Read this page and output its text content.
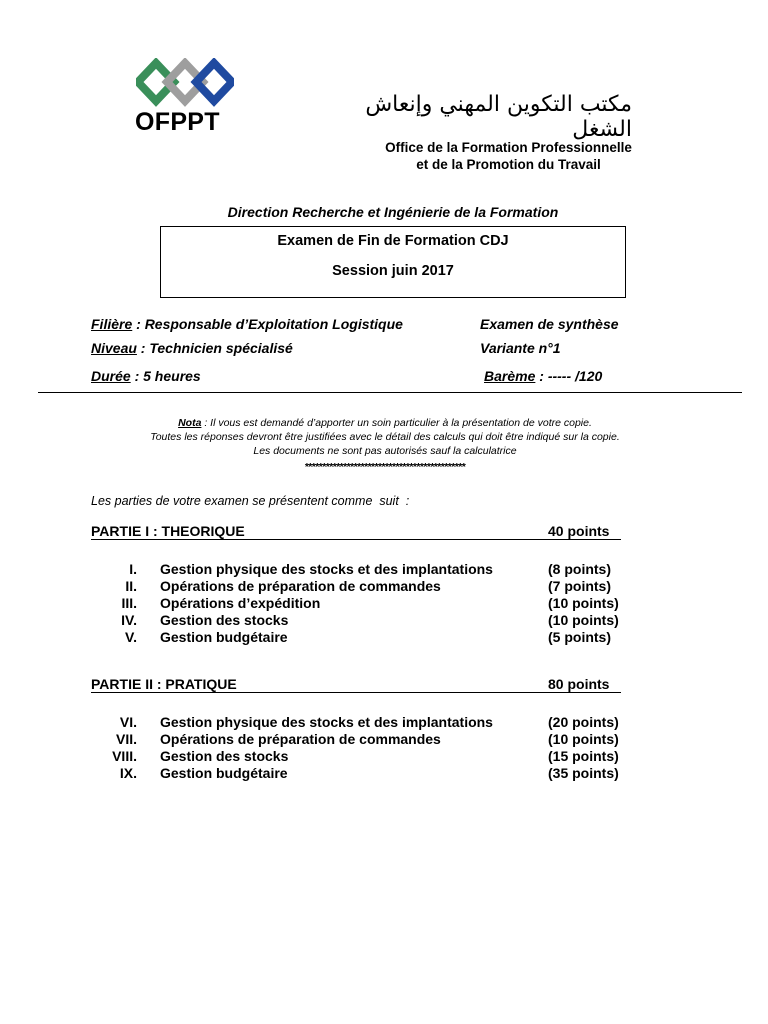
OFPPT
مكتب التكوين المهني وإنعاش الشغل
Office de la Formation Professionnelle
et de la Promotion du Travail
Direction Recherche et Ingénierie de la Formation
Examen de Fin de Formation CDJ
Session juin 2017
Filière : Responsable d’Exploitation Logistique
Niveau : Technicien spécialisé
Durée : 5 heures
Examen de synthèse
Variante n°1
Barème : ----- /120
Nota : Il vous est demandé d’apporter un soin particulier à la présentation de votre copie.
Toutes les réponses devront être justifiées avec le détail des calculs qui doit être indiqué sur la copie.
Les documents ne sont pas autorisés sauf la calculatrice
**********************************************
Les parties de votre examen se présentent comme  suit  :
PARTIE I : THEORIQUE	40 points
I. Gestion physique des stocks et des implantations	(8 points)
II. Opérations de préparation de commandes	(7 points)
III. Opérations d’expédition	(10 points)
IV. Gestion des stocks	(10 points)
V. Gestion budgétaire	(5 points)
PARTIE II : PRATIQUE	80 points
VI. Gestion physique des stocks et des implantations	(20 points)
VII. Opérations de préparation de commandes	(10 points)
VIII. Gestion des stocks	(15 points)
IX. Gestion budgétaire	(35 points)
